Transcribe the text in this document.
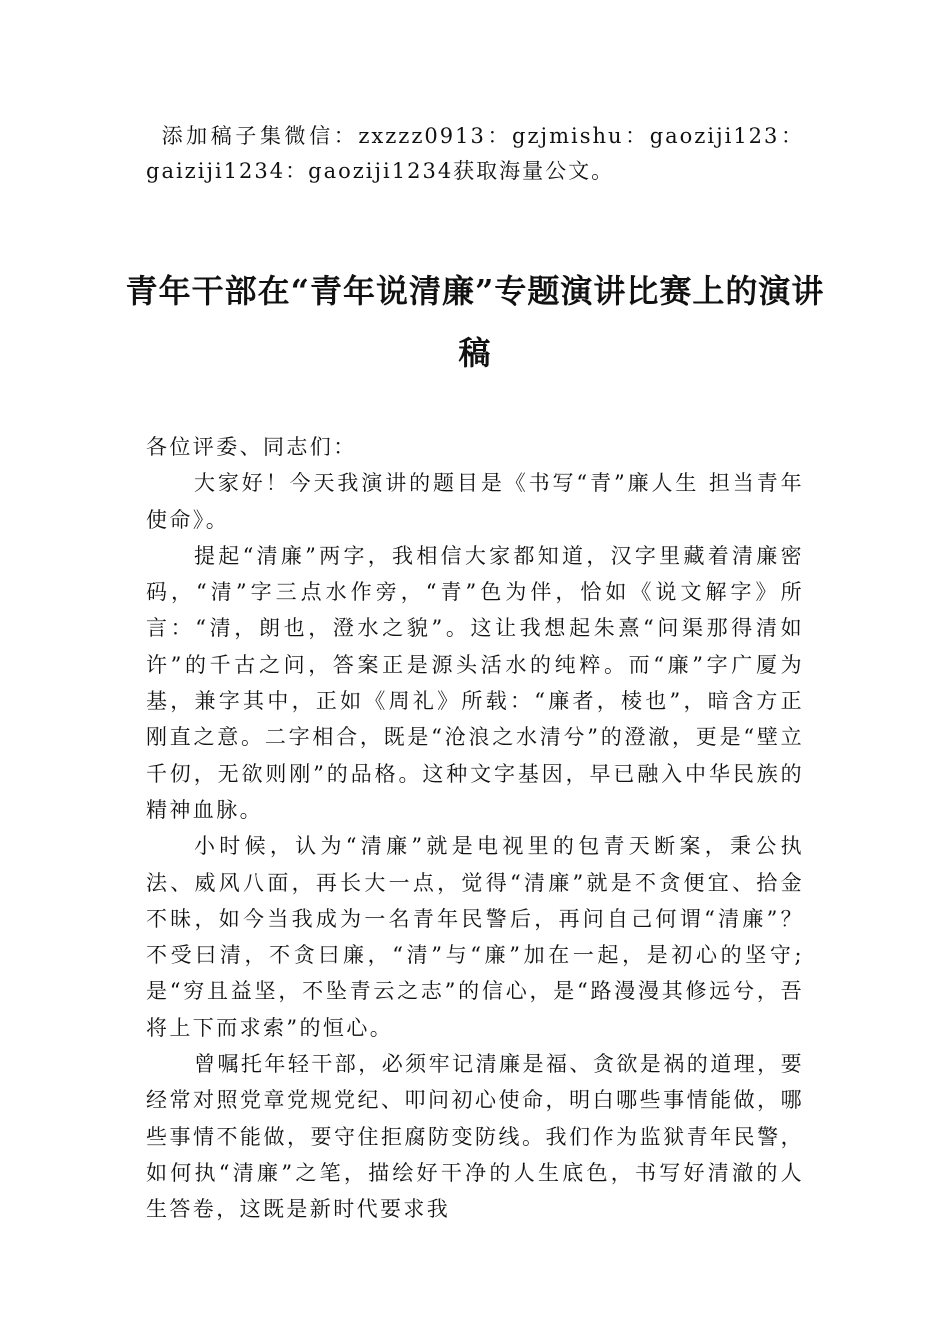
添加稿子集微信：zxzzz0913：gzjmishu：gaoziji123：gaiziji1234：gaoziji1234获取海量公文。

青年干部在“青年说清廉”专题演讲比赛上的演讲稿

各位评委、同志们：

大家好！今天我演讲的题目是《书写“青”廉人生 担当青年使命》。

提起“清廉”两字，我相信大家都知道，汉字里藏着清廉密码，“清”字三点水作旁，“青”色为伴，恰如《说文解字》所言：“清，朗也，澄水之貌”。这让我想起朱熹“问渠那得清如许”的千古之问，答案正是源头活水的纯粹。而“廉”字广厦为基，兼字其中，正如《周礼》所载：“廉者，棱也”，暗含方正刚直之意。二字相合，既是“沧浪之水清兮”的澄澈，更是“壁立千仞，无欲则刚”的品格。这种文字基因，早已融入中华民族的精神血脉。

小时候，认为“清廉”就是电视里的包青天断案，秉公执法、威风八面，再长大一点，觉得“清廉”就是不贪便宜、拾金不昧，如今当我成为一名青年民警后，再问自己何谓“清廉”？不受曰清，不贪曰廉，“清”与“廉”加在一起，是初心的坚守;是“穷且益坚，不坠青云之志”的信心，是“路漫漫其修远兮，吾将上下而求索”的恒心。

曾嘱托年轻干部，必须牢记清廉是福、贪欲是祸的道理，要经常对照党章党规党纪、叩问初心使命，明白哪些事情能做，哪些事情不能做，要守住拒腐防变防线。我们作为监狱青年民警，如何执“清廉”之笔，描绘好干净的人生底色，书写好清澈的人生答卷，这既是新时代要求我
